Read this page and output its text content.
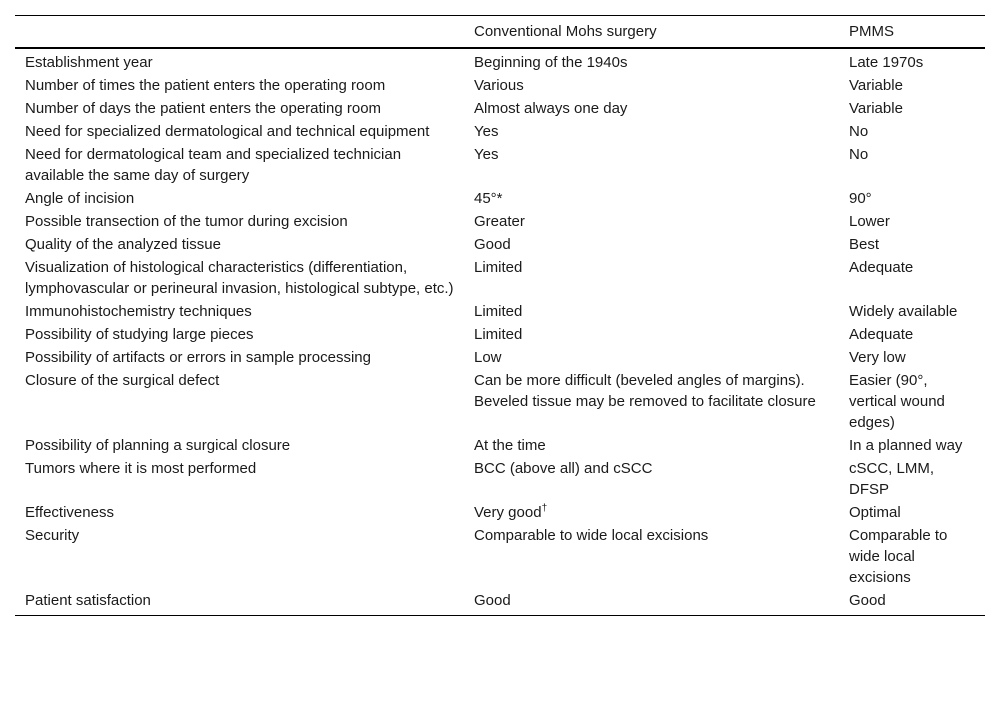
	Conventional Mohs surgery	PMMS
Establishment year	Beginning of the 1940s	Late 1970s
Number of times the patient enters the operating room	Various	Variable
Number of days the patient enters the operating room	Almost always one day	Variable
Need for specialized dermatological and technical equipment	Yes	No
Need for dermatological team and specialized technician available the same day of surgery	Yes	No
Angle of incision	45°*	90°
Possible transection of the tumor during excision	Greater	Lower
Quality of the analyzed tissue	Good	Best
Visualization of histological characteristics (differentiation, lymphovascular or perineural invasion, histological subtype, etc.)	Limited	Adequate
Immunohistochemistry techniques	Limited	Widely available
Possibility of studying large pieces	Limited	Adequate
Possibility of artifacts or errors in sample processing	Low	Very low
Closure of the surgical defect	Can be more difficult (beveled angles of margins). Beveled tissue may be removed to facilitate closure	Easier (90°, vertical wound edges)
Possibility of planning a surgical closure	At the time	In a planned way
Tumors where it is most performed	BCC (above all) and cSCC	cSCC, LMM, DFSP
Effectiveness	Very good†	Optimal
Security	Comparable to wide local excisions	Comparable to wide local excisions
Patient satisfaction	Good	Good
